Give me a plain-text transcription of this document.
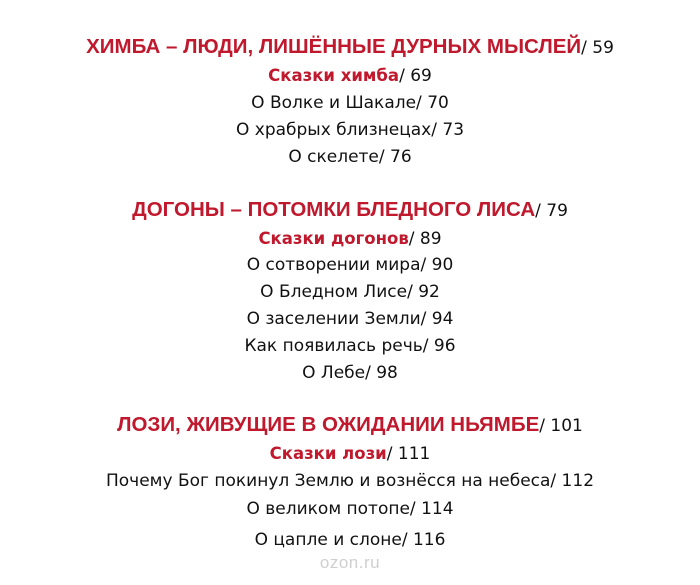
ХИМБА – ЛЮДИ, ЛИШЁННЫЕ ДУРНЫХ МЫСЛЕЙ/ 59
Сказки химба/ 69
О Волке и Шакале/ 70
О храбрых близнецах/ 73
О скелете/ 76
ДОГОНЫ – ПОТОМКИ БЛЕДНОГО ЛИСА/ 79
Сказки догонов/ 89
О сотворении мира/ 90
О Бледном Лисе/ 92
О заселении Земли/ 94
Как появилась речь/ 96
О Лебе/ 98
ЛОЗИ, ЖИВУЩИЕ В ОЖИДАНИИ НЬЯМБЕ/ 101
Сказки лози/ 111
Почему Бог покинул Землю и вознёсся на небеса/ 112
О великом потопе/ 114
О цапле и слоне/ 116
ozon.ru
